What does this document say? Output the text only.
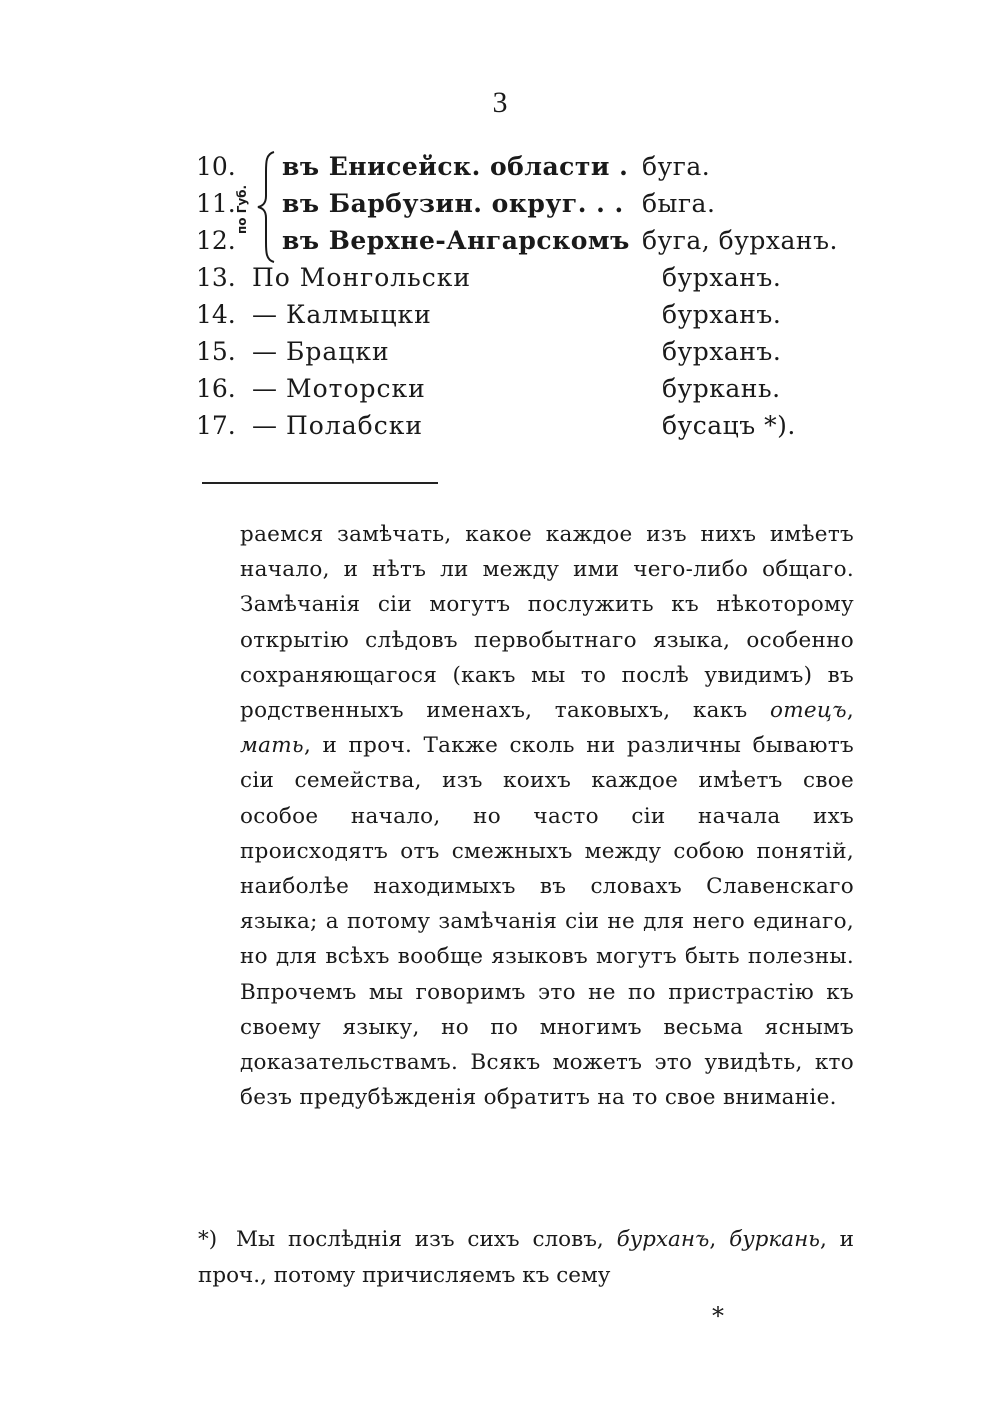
3
10.	въ Енисейск. области . буга.
11.	въ Барбузин. округ. . . быга.
12.	въ Верхне-Ангарскомъ буга, бурханъ.
13. По Монгольски	бурханъ.
14. — Калмыцки	бурханъ.
15. — Брацки	бурханъ.
16. — Моторски	буркань.
17. — Полабски	бусацъ *).
по Губ.

раемся замѣчать, какое каждое изъ нихъ имѣетъ начало, и нѣтъ ли между ими чего-либо общаго. Замѣчанія сіи могутъ послужить къ нѣкоторому открытію слѣдовъ первобытнаго языка, особенно сохраняющагося (какъ мы то послѣ увидимъ) въ родственныхъ именахъ, таковыхъ, какъ отецъ, мать, и проч. Также сколь ни различны бываютъ сіи семейства, изъ коихъ каждое имѣетъ свое особое начало, но часто сіи начала ихъ происходятъ отъ смежныхъ между собою понятій, наиболѣе находимыхъ въ словахъ Славенскаго языка; а потому замѣчанія сіи не для него единаго, но для всѣхъ вообще языковъ могутъ быть полезны. Впрочемъ мы говоримъ это не по пристрастію къ своему языку, но по многимъ весьма яснымъ доказательствамъ. Всякъ можетъ это увидѣть, кто безъ предубѣжденія обратитъ на то свое вниманіе.

*) Мы послѣднія изъ сихъ словъ, бурханъ, буркань, и проч., потому причисляемъ къ сему

*
